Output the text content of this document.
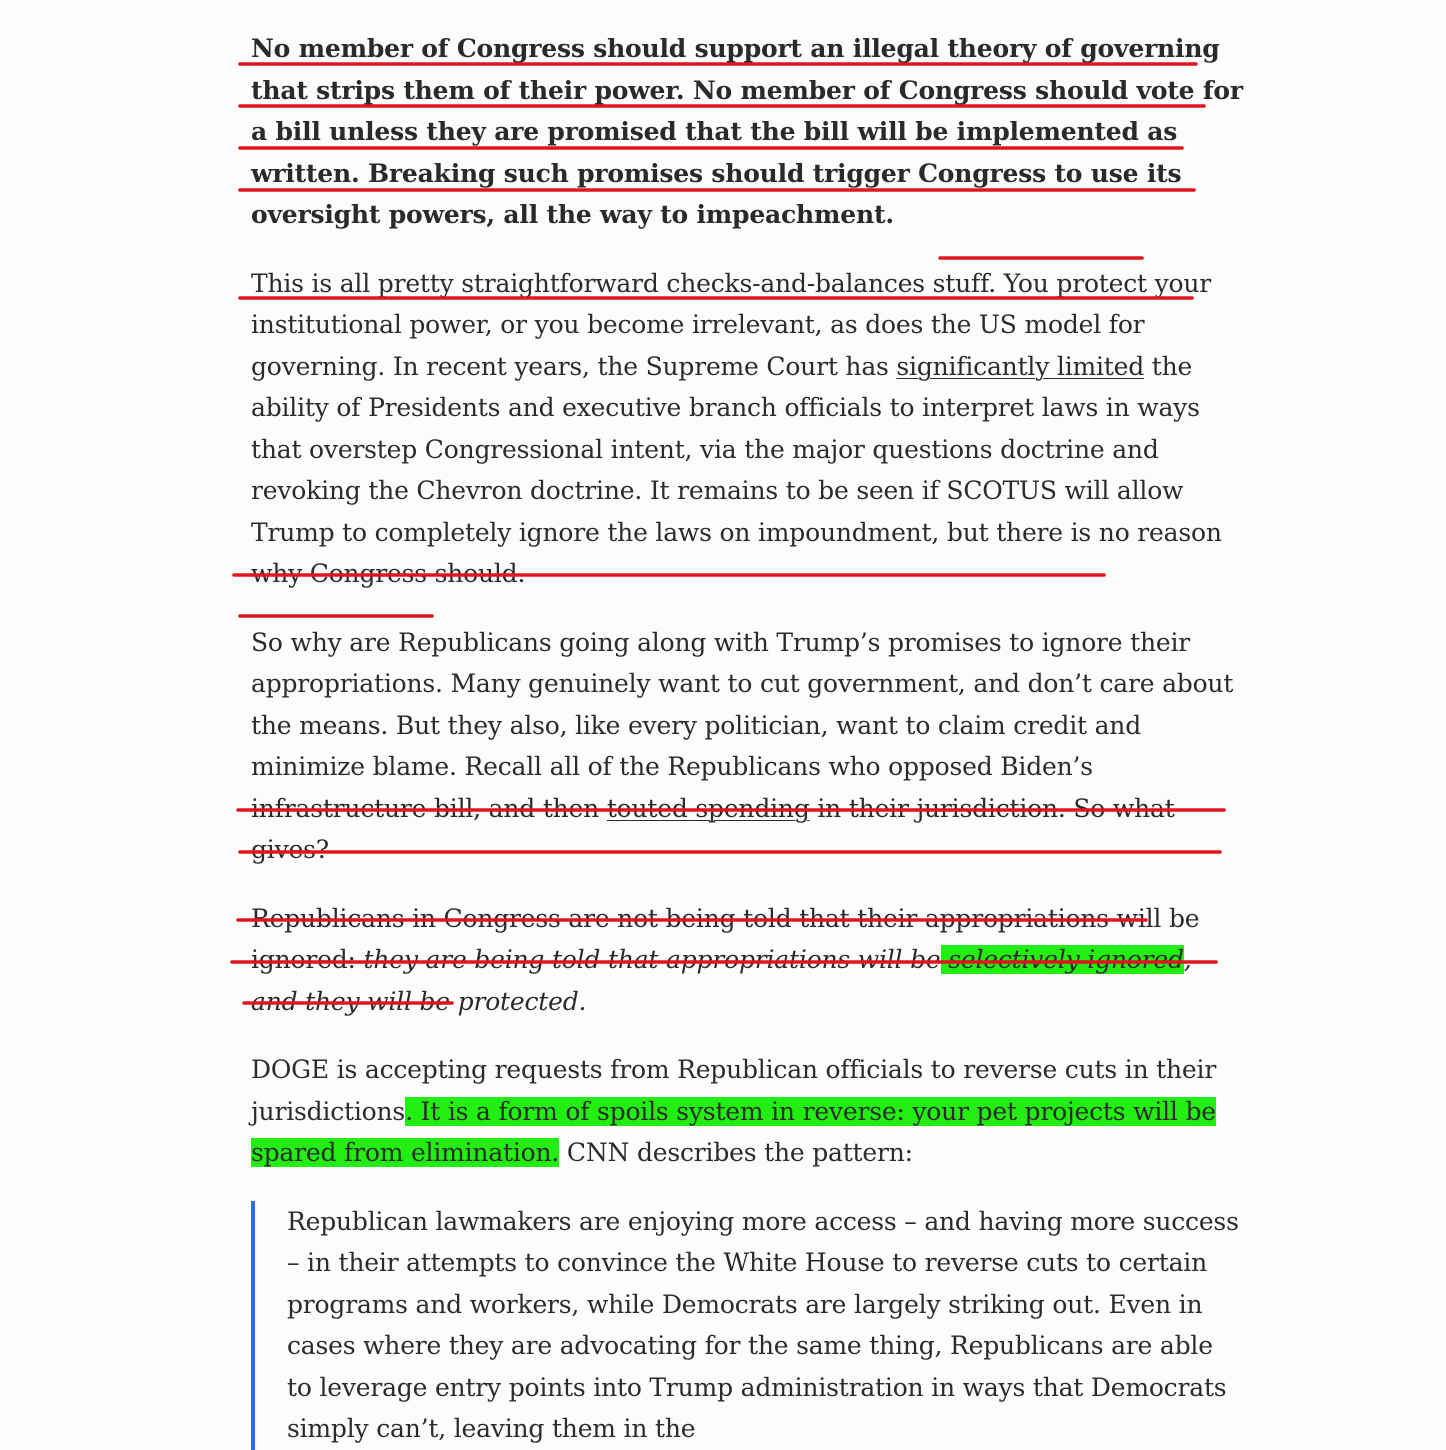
No member of Congress should support an illegal theory of governing that strips them of their power. No member of Congress should vote for a bill unless they are promised that the bill will be implemented as written. Breaking such promises should trigger Congress to use its oversight powers, all the way to impeachment.

This is all pretty straightforward checks-and-balances stuff. You protect your institutional power, or you become irrelevant, as does the US model for governing. In recent years, the Supreme Court has significantly limited the ability of Presidents and executive branch officials to interpret laws in ways that overstep Congressional intent, via the major questions doctrine and revoking the Chevron doctrine. It remains to be seen if SCOTUS will allow Trump to completely ignore the laws on impoundment, but there is no reason why Congress should.

So why are Republicans going along with Trump’s promises to ignore their appropriations. Many genuinely want to cut government, and don’t care about the means. But they also, like every politician, want to claim credit and minimize blame. Recall all of the Republicans who opposed Biden’s infrastructure bill, and then touted spending in their jurisdiction. So what gives?

Republicans in Congress are not being told that their appropriations will be ignored: they are being told that appropriations will be selectively ignored, and they will be protected.

DOGE is accepting requests from Republican officials to reverse cuts in their jurisdictions. It is a form of spoils system in reverse: your pet projects will be spared from elimination. CNN describes the pattern:

Republican lawmakers are enjoying more access – and having more success – in their attempts to convince the White House to reverse cuts to certain programs and workers, while Democrats are largely striking out. Even in cases where they are advocating for the same thing, Republicans are able to leverage entry points into Trump administration in ways that Democrats simply can’t, leaving them in the
